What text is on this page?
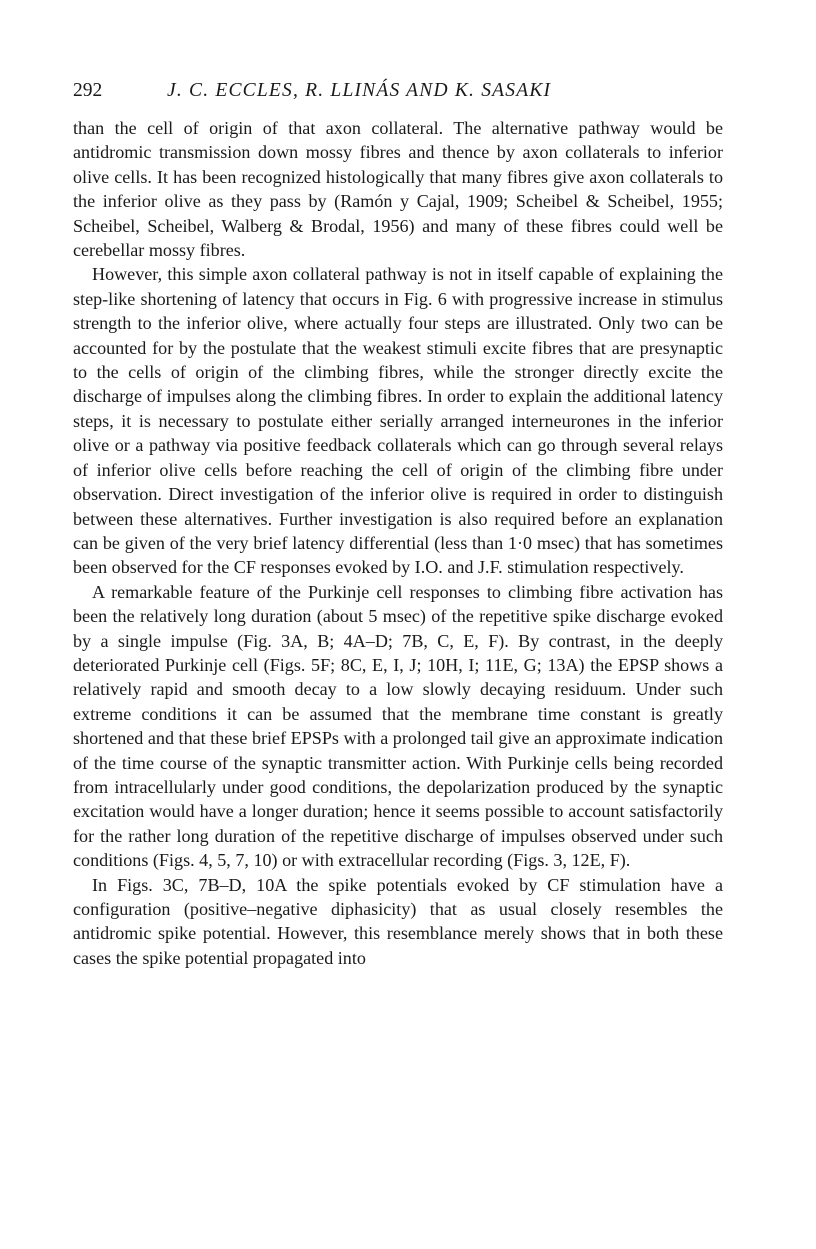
292	J. C. ECCLES, R. LLINÁS AND K. SASAKI

than the cell of origin of that axon collateral. The alternative pathway would be antidromic transmission down mossy fibres and thence by axon collaterals to inferior olive cells. It has been recognized histologically that many fibres give axon collaterals to the inferior olive as they pass by (Ramón y Cajal, 1909; Scheibel & Scheibel, 1955; Scheibel, Scheibel, Walberg & Brodal, 1956) and many of these fibres could well be cerebellar mossy fibres.

However, this simple axon collateral pathway is not in itself capable of explaining the step-like shortening of latency that occurs in Fig. 6 with progressive increase in stimulus strength to the inferior olive, where actually four steps are illustrated. Only two can be accounted for by the postulate that the weakest stimuli excite fibres that are presynaptic to the cells of origin of the climbing fibres, while the stronger directly excite the discharge of impulses along the climbing fibres. In order to explain the additional latency steps, it is necessary to postulate either serially arranged interneurones in the inferior olive or a pathway via positive feedback collaterals which can go through several relays of inferior olive cells before reaching the cell of origin of the climbing fibre under observation. Direct investigation of the inferior olive is required in order to distinguish between these alternatives. Further investigation is also required before an explanation can be given of the very brief latency differential (less than 1·0 msec) that has sometimes been observed for the CF responses evoked by I.O. and J.F. stimulation respectively.

A remarkable feature of the Purkinje cell responses to climbing fibre activation has been the relatively long duration (about 5 msec) of the repetitive spike discharge evoked by a single impulse (Fig. 3A, B; 4A–D; 7B, C, E, F). By contrast, in the deeply deteriorated Purkinje cell (Figs. 5F; 8C, E, I, J; 10H, I; 11E, G; 13A) the EPSP shows a relatively rapid and smooth decay to a low slowly decaying residuum. Under such extreme conditions it can be assumed that the membrane time constant is greatly shortened and that these brief EPSPs with a prolonged tail give an approximate indication of the time course of the synaptic transmitter action. With Purkinje cells being recorded from intracellularly under good conditions, the depolarization produced by the synaptic excitation would have a longer duration; hence it seems possible to account satisfactorily for the rather long duration of the repetitive discharge of impulses observed under such conditions (Figs. 4, 5, 7, 10) or with extracellular recording (Figs. 3, 12E, F).

In Figs. 3C, 7B–D, 10A the spike potentials evoked by CF stimulation have a configuration (positive–negative diphasicity) that as usual closely resembles the antidromic spike potential. However, this resemblance merely shows that in both these cases the spike potential propagated into
